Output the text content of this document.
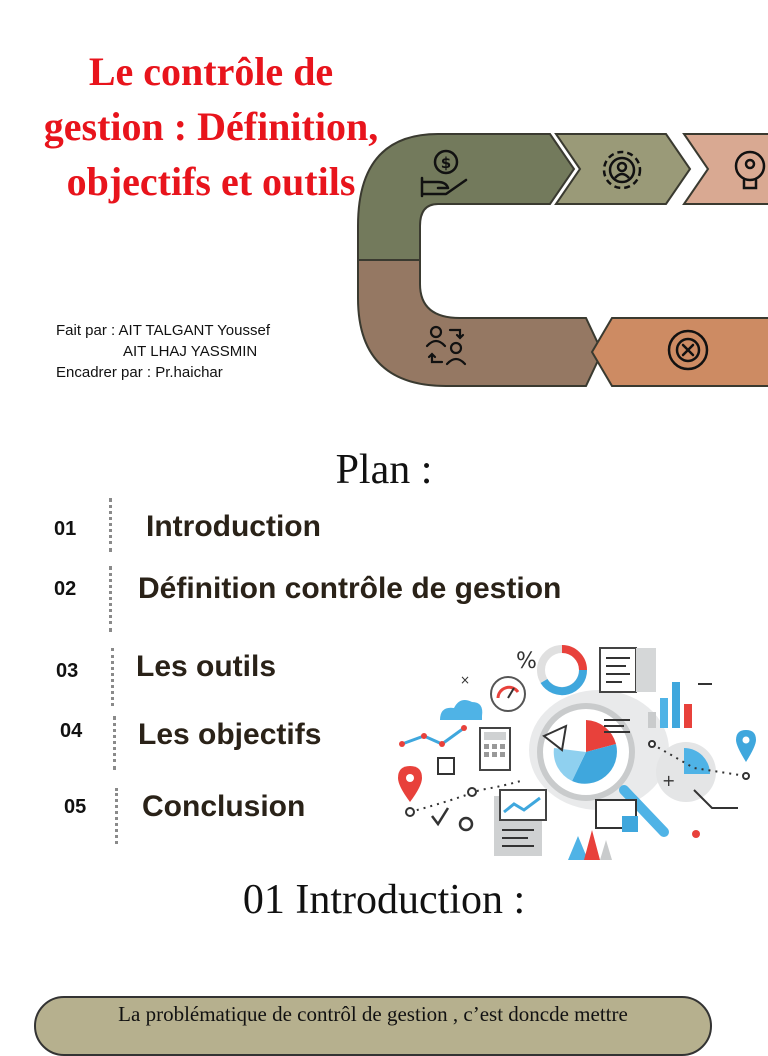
Le contrôle de
gestion : Définition,
objectifs et outils	$
Fait par : AIT TALGANT Youssef
AIT LHAJ YASSMIN
Encadrer par : Pr.haichar
Plan :
01 Introduction
02 Définition contrôle de gestion
03 Les outils
04 Les objectifs
05 Conclusion
%
×
+
01 Introduction :
La problématique de contrôl de gestion , c’est doncde mettre
